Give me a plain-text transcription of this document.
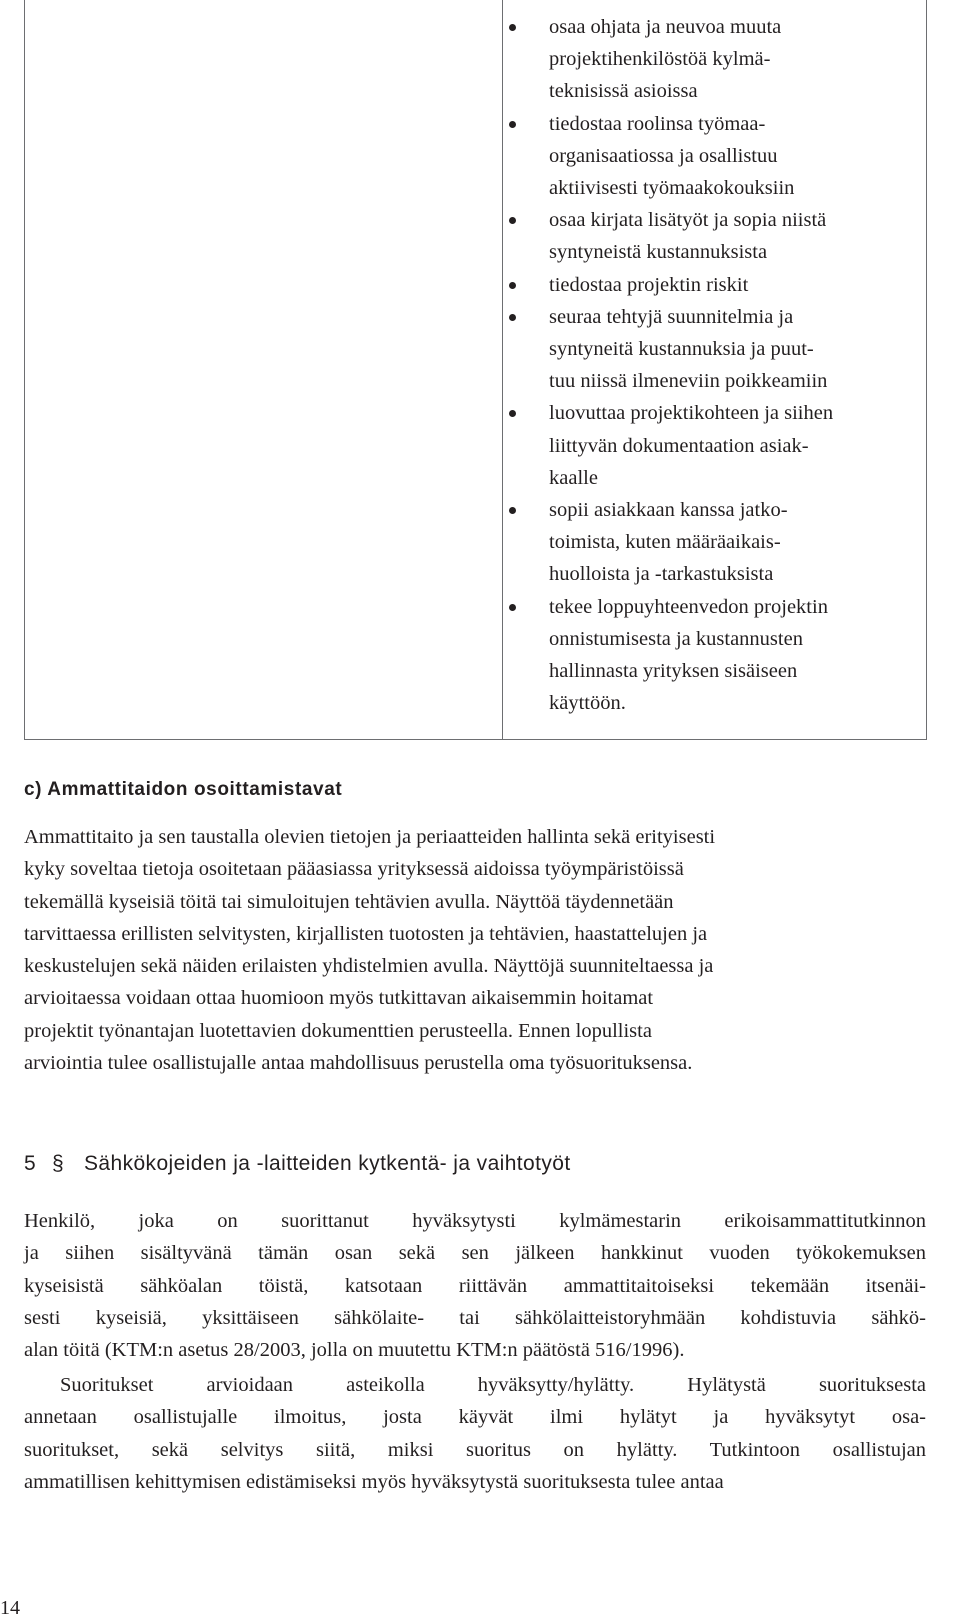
osaa ohjata ja neuvoa muuta
projektihenkilöstöä kylmä-
teknisissä asioissa
tiedostaa roolinsa työmaa-
organisaatiossa ja osallistuu
aktiivisesti työmaakokouksiin
osaa kirjata lisätyöt ja sopia niistä
syntyneistä kustannuksista
tiedostaa projektin riskit
seuraa tehtyjä suunnitelmia ja
syntyneitä kustannuksia ja puut-
tuu niissä ilmeneviin poikkeamiin
luovuttaa projektikohteen ja siihen
liittyvän dokumentaation asiak-
kaalle
sopii asiakkaan kanssa jatko-
toimista, kuten määräaikais-
huolloista ja -tarkastuksista
tekee loppuyhteenvedon projektin
onnistumisesta ja kustannusten
hallinnasta yrityksen sisäiseen
käyttöön.
c) Ammattitaidon osoittamistavat

Ammattitaito ja sen taustalla olevien tietojen ja periaatteiden hallinta sekä erityisesti
kyky soveltaa tietoja osoitetaan pääasiassa yrityksessä aidoissa työympäristöissä
tekemällä kyseisiä töitä tai simuloitujen tehtävien avulla. Näyttöä täydennetään
tarvittaessa erillisten selvitysten, kirjallisten tuotosten ja tehtävien, haastattelujen ja
keskustelujen sekä näiden erilaisten yhdistelmien avulla. Näyttöjä suunniteltaessa ja
arvioitaessa voidaan ottaa huomioon myös tutkittavan aikaisemmin hoitamat
projektit työnantajan luotettavien dokumenttien perusteella. Ennen lopullista
arviointia tulee osallistujalle antaa mahdollisuus perustella oma työsuorituksensa.

5 § Sähkökojeiden ja -laitteiden kytkentä- ja vaihtotyöt

Henkilö, joka on suorittanut hyväksytysti kylmämestarin erikoisammattitutkinnon
ja siihen sisältyvänä tämän osan sekä sen jälkeen hankkinut vuoden työkokemuksen
kyseisistä sähköalan töistä, katsotaan riittävän ammattitaitoiseksi tekemään itsenäi-
sesti kyseisiä, yksittäiseen sähkölaite- tai sähkölaitteistoryhmään kohdistuvia sähkö-
alan töitä (KTM:n asetus 28/2003, jolla on muutettu KTM:n päätöstä 516/1996).

Suoritukset arvioidaan asteikolla hyväksytty/hylätty. Hylätystä suorituksesta
annetaan osallistujalle ilmoitus, josta käyvät ilmi hylätyt ja hyväksytyt osa-
suoritukset, sekä selvitys siitä, miksi suoritus on hylätty. Tutkintoon osallistujan
ammatillisen kehittymisen edistämiseksi myös hyväksytystä suorituksesta tulee antaa

14
